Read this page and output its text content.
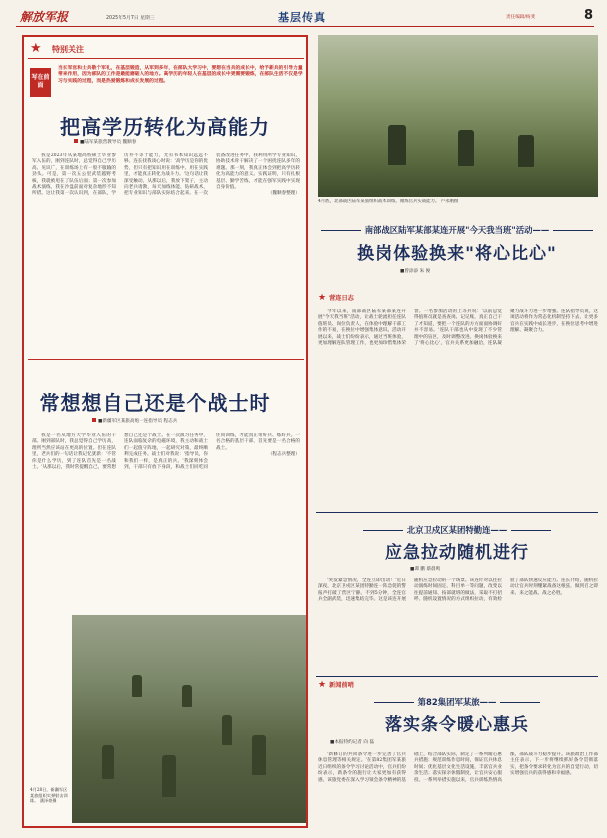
解放军报	2025年5月7日 星期三	基层传真	责任编辑/杨斐	8
★ 特别关注
写在前面
当长军官和士兵敬个军礼，在基层锻造，从军到多年，在部队大学习中，要想在当兵的成长中，给予新兵的引导力量带来作用，因为部队的工作是最能磨砺人的地方。高学历的年轻人在基层的成长中更需要锻炼，在部队生活不仅是学习与实践的过程，而是热爱锻炼和成长发展的过程。
把高学历转化为高能力
■陆军某旅营教导员 魏顺春

我是2023年从某地高校硕士毕业参军入伍的，刚到连队时，总觉得自己学历高、见识广，在训练场上有一股不服输的劲头。可是，第一次五公里武装越野考核，我就被甩在了队伍后面；第一次参加战术演练，我在沙盘前面对复杂地形不知所措。这让我第一次认识到，在部队，学历并不等于能力，光有书本知识远远不够。连长找我谈心时说：'高学历是你的优势，但只有把知识用在训练中、用在实践里，才能真正转化为战斗力。'这句话让我深受触动。从那以后，我放下架子，主动向老兵请教，每天加练体能、钻研战术，把专业知识与部队实际结合起来。在一次装备改进任务中，我利用所学专业知识，协助技术骨干解决了一个困扰连队多年的难题。那一刻，我真正体会到把高学历转化为高能力的意义。实践证明，只有扎根基层、勤学苦练，才能在强军实践中实现自身价值。

（魏顺春整理）

常想想自己还是个战士时
■新疆军区某旅高炮一连指导员 程志兵

我是一名从地方大学毕业入伍的干部。刚到部队时，我总觉得自己学历高，理所当然应该站在更高的位置。但在连队里，老兵们的一句话让我记忆犹新：'不管你是什么学历，到了连队首先是一名战士。'从那以后，我时常提醒自己，要常想想自己还是个战士。在一次演习任务中，连队面临复杂的电磁环境，我主动和战士们一起值守阵地，一起研究对策，最终顺利完成任务。战士们对我说：'指导员，你和我们一样，是真正的兵。'我深刻体会到，干部只有放下身段，和战士们同吃同住同训练，才能真正带好兵、练好兵。一名合格的基层干部，首先要是一名合格的战士。

（程志兵整理）

4月28日，新疆军区某旅组织实弹射击训练。 潘泽豪摄
4月底，北部战区陆军某旅组织战术训练，锤炼官兵实战能力。 卢永刚摄
南部战区陆军某部某连开展"今天我当班"活动——
换岗体验换来"将心比心"
■曾添添 朱 俊
★ 营连日志

今年以来，南部战区陆军某部某连开展"今天我当班"活动，让战士轮流担任连队值班员、岗位负责人，在体验中理解干部工作的不易，在换位中增强集体意识。活动开展以来，战士们纷纷表示，通过当班体验，更加理解连队管理工作，也更加珍惜集体荣誉。一名参加活动的上等兵说：'以前总觉得值班员就是查查岗、记记账，真正自己干了才知道，要把一个连队的方方面面协调好并不容易。'连队干部也从中发现了不少管理中的盲区，及时调整改进。换岗体验换来了'将心比心'，官兵关系更加融洽，连队凝聚力战斗力进一步增强。连队指导员说，这项活动将作为常态化机制坚持下去，让更多官兵在实践中成长进步，在换位思考中增进理解、凝聚合力。

北京卫戍区某团特勤连——
应急拉动随机进行
■谭 鹏 蔡晨鸣

'突发紧急情况，全连立即出动！'近日深夜，北京卫戍区某团特勤连一阵急促的警报声打破了营区宁静。不到5分钟，全连官兵全副武装，迅速集结完毕。这是该连开展随机应急拉动的一个场景。该连针对以往拉动演练时间固定、科目单一等问题，改变以往提前通知、按部就班的做法，采取不打招呼、随机设置情况的方式组织拉动，有效检验了部队快速反应能力。连长介绍，随机拉动让官兵时刻绷紧战备这根弦，做到召之即来、来之能战、战之必胜。

★ 新闻前哨
第82集团军某旅——
落实条令暖心惠兵
■本报特约记者 向 磊

'新修订的共同条令进一步完善了官兵休息管理等相关规定。'在第82集团军某旅近日组织的条令学习讨论活动中，官兵们纷纷表示，新条令的施行让大家更加有获得感。该旅党委在深入学习领会条令精神的基础上，结合部队实际，制定了一系列暖心惠兵措施：规范训练作息时间，保证官兵休息时间；优化基层文化生活设施，丰富官兵业余生活；落实探亲休假制度，让官兵安心服役。一系列举措实施以来，官兵训练热情高涨，部队战斗力稳步提升。该旅政治工作部主任表示，下一步将继续抓好条令贯彻落实，把条令要求转化为官兵的自觉行动，切实增强官兵的获得感和幸福感。
